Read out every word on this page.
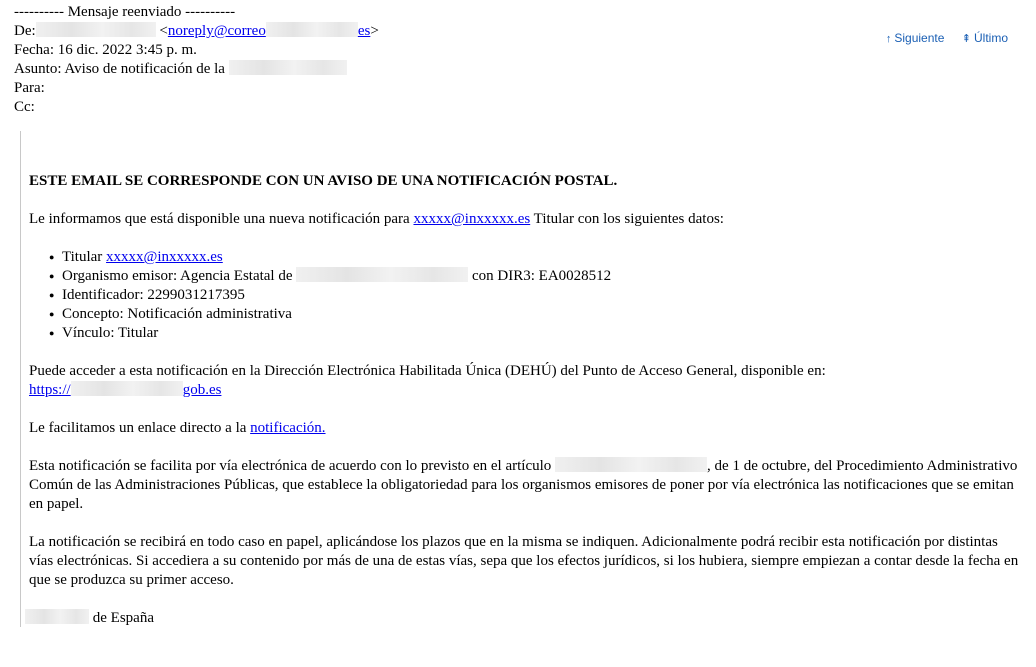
---------- Mensaje reenviado ----------
De:	<noreply@correo	es>
Fecha: 16 dic. 2022 3:45 p. m.
Asunto: Aviso de notificación de la
Para:
Cc:
↑ Siguiente ⇞ Último

ESTE EMAIL SE CORRESPONDE CON UN AVISO DE UNA NOTIFICACIÓN POSTAL.

Le informamos que está disponible una nueva notificación para xxxxx@inxxxxx.es Titular con los siguientes datos:

● Titular xxxxx@inxxxxx.es
● Organismo emisor: Agencia Estatal de	con DIR3: EA0028512
● Identificador: 2299031217395
● Concepto: Notificación administrativa
● Vínculo: Titular

Puede acceder a esta notificación en la Dirección Electrónica Habilitada Única (DEHÚ) del Punto de Acceso General, disponible en:
https://	gob.es

Le facilitamos un enlace directo a la notificación.

Esta notificación se facilita por vía electrónica de acuerdo con lo previsto en el artículo	, de 1 de octubre, del Procedimiento Administrativo Común de las Administraciones Públicas, que establece la obligatoriedad para los organismos emisores de poner por vía electrónica las notificaciones que se emitan en papel.

La notificación se recibirá en todo caso en papel, aplicándose los plazos que en la misma se indiquen. Adicionalmente podrá recibir esta notificación por distintas vías electrónicas. Si accediera a su contenido por más de una de estas vías, sepa que los efectos jurídicos, si los hubiera, siempre empiezan a contar desde la fecha en que se produzca su primer acceso.

de España
